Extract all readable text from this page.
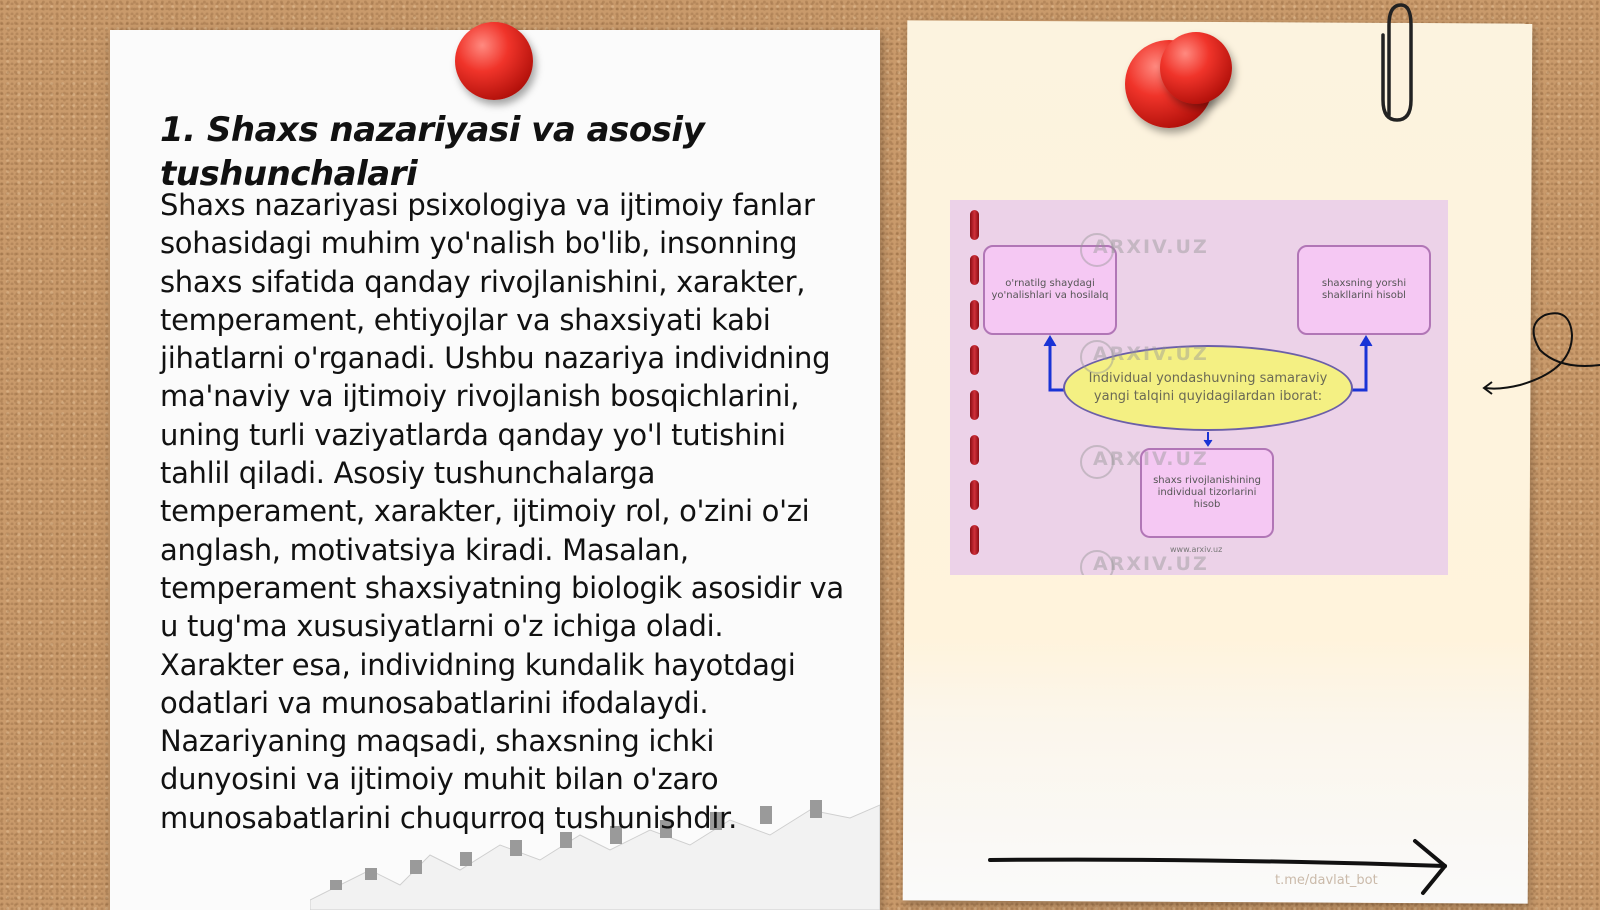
1. Shaxs nazariyasi va asosiy tushunchalari

Shaxs nazariyasi psixologiya va ijtimoiy fanlar sohasidagi muhim yo'nalish bo'lib, insonning shaxs sifatida qanday rivojlanishini, xarakter, temperament, ehtiyojlar va shaxsiyati kabi jihatlarni o'rganadi. Ushbu nazariya individning ma'naviy va ijtimoiy rivojlanish bosqichlarini, uning turli vaziyatlarda qanday yo'l tutishini tahlil qiladi. Asosiy tushunchalarga temperament, xarakter, ijtimoiy rol, o'zini o'zi anglash, motivatsiya kiradi. Masalan, temperament shaxsiyatning biologik asosidir va u tug'ma xususiyatlarni o'z ichiga oladi. Xarakter esa, individning kundalik hayotdagi odatlari va munosabatlarini ifodalaydi. Nazariyaning maqsadi, shaxsning ichki dunyosini va ijtimoiy muhit bilan o'zaro munosabatlarini chuqurroq tushunishdir.

o'rnatilg shaydagi yo'nalishlari va hosilalq
shaxsning yorshi shakllarini hisobl
Individual yondashuvning samaraviy yangi talqini quyidagilardan iborat:
shaxs rivojlanishining individual tizorlarini hisob
ARXIV.UZ
ARXIV.UZ
ARXIV.UZ
ARXIV.UZ
www.arxiv.uz
t.me/davlat_bot
